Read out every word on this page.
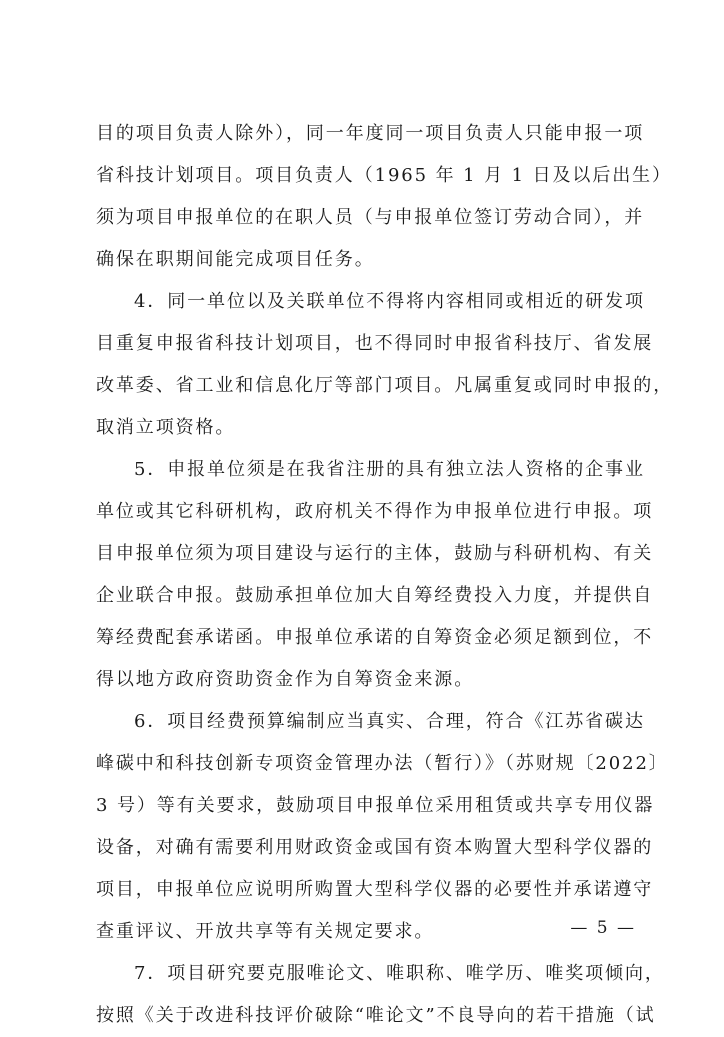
目的项目负责人除外），同一年度同一项目负责人只能申报一项
省科技计划项目。项目负责人（1965 年 1 月 1 日及以后出生）
须为项目申报单位的在职人员（与申报单位签订劳动合同），并
确保在职期间能完成项目任务。
4．同一单位以及关联单位不得将内容相同或相近的研发项
目重复申报省科技计划项目，也不得同时申报省科技厅、省发展
改革委、省工业和信息化厅等部门项目。凡属重复或同时申报的，
取消立项资格。
5．申报单位须是在我省注册的具有独立法人资格的企事业
单位或其它科研机构，政府机关不得作为申报单位进行申报。项
目申报单位须为项目建设与运行的主体，鼓励与科研机构、有关
企业联合申报。鼓励承担单位加大自筹经费投入力度，并提供自
筹经费配套承诺函。申报单位承诺的自筹资金必须足额到位，不
得以地方政府资助资金作为自筹资金来源。
6．项目经费预算编制应当真实、合理，符合《江苏省碳达
峰碳中和科技创新专项资金管理办法（暂行）》（苏财规〔2022〕
3 号）等有关要求，鼓励项目申报单位采用租赁或共享专用仪器
设备，对确有需要利用财政资金或国有资本购置大型科学仪器的
项目，申报单位应说明所购置大型科学仪器的必要性并承诺遵守
查重评议、开放共享等有关规定要求。
7．项目研究要克服唯论文、唯职称、唯学历、唯奖项倾向，
按照《关于改进科技评价破除“唯论文”不良导向的若干措施（试
— 5 —
